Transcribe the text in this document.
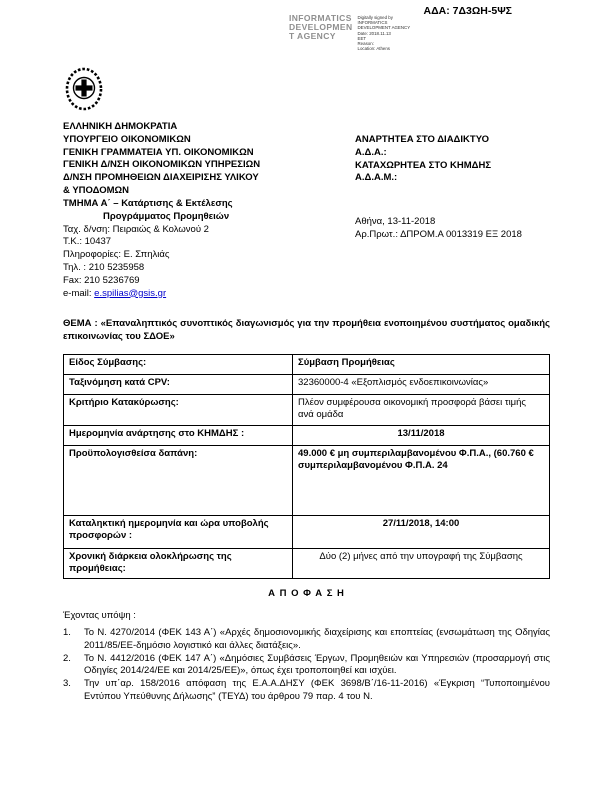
ΑΔΑ: 7Δ3ΩΗ-5ΨΣ
INFORMATICS
DEVELOPMEN
T AGENCY
Digitally signed by
INFORMATICS
DEVELOPMENT AGENCY
Date: 2018.11.13
EET
Reason:
Location: Athens
ΕΛΛΗΝΙΚΗ ΔΗΜΟΚΡΑΤΙΑ
ΥΠΟΥΡΓΕΙΟ ΟΙΚΟΝΟΜΙΚΩΝ
ΓΕΝΙΚΗ ΓΡΑΜΜΑΤΕΙΑ ΥΠ. ΟΙΚΟΝΟΜΙΚΩΝ
ΓΕΝΙΚΗ Δ/ΝΣΗ ΟΙΚΟΝΟΜΙΚΩΝ ΥΠΗΡΕΣΙΩΝ
Δ/ΝΣΗ ΠΡΟΜΗΘΕΙΩΝ ΔΙΑΧΕΙΡΙΣΗΣ ΥΛΙΚΟΥ
& ΥΠΟΔΟΜΩΝ
ΤΜΗΜΑ Α΄ – Κατάρτισης & Εκτέλεσης
Προγράμματος Προμηθειών
Ταχ. δ/νση: Πειραιώς & Κολωνού 2
Τ.Κ.: 10437
Πληροφορίες: Ε. Σπηλιάς
Τηλ. : 210 5235958
Fax: 210 5236769
e-mail: e.spilias@gsis.gr
ΑΝΑΡΤΗΤΕΑ ΣΤΟ ΔΙΑΔΙΚΤΥΟ
Α.Δ.Α.:
ΚΑΤΑΧΩΡΗΤΕΑ ΣΤΟ ΚΗΜΔΗΣ
Α.Δ.Α.Μ.:
Αθήνα, 13-11-2018
Αρ.Πρωτ.: ΔΠΡΟΜ.Α 0013319 ΕΞ 2018
ΘΕΜΑ : «Επαναληπτικός συνοπτικός διαγωνισμός για την προμήθεια ενοποιημένου συστήματος ομαδικής επικοινωνίας του ΣΔΟΕ»
Είδος Σύμβασης:	Σύμβαση Προμήθειας
Ταξινόμηση κατά CPV:	32360000-4 «Εξοπλισμός ενδοεπικοινωνίας»
Κριτήριο Κατακύρωσης:	Πλέον συμφέρουσα οικονομική προσφορά βάσει τιμής ανά ομάδα
Ημερομηνία ανάρτησης στο ΚΗΜΔΗΣ :	13/11/2018
Προϋπολογισθείσα δαπάνη:	49.000 € μη συμπεριλαμβανομένου Φ.Π.Α., (60.760 € συμπεριλαμβανομένου Φ.Π.Α. 24
Καταληκτική ημερομηνία και ώρα υποβολής προσφορών :	27/11/2018, 14:00
Χρονική διάρκεια ολοκλήρωσης της προμήθειας:	Δύο (2) μήνες από την υπογραφή της Σύμβασης
Α Π Ο Φ Α Σ Η
Έχοντας υπόψη :
1.	Το Ν. 4270/2014 (ΦΕΚ 143 Α΄) «Αρχές δημοσιονομικής διαχείρισης και εποπτείας (ενσωμάτωση της Οδηγίας 2011/85/ΕΕ-δημόσιο λογιστικό και άλλες διατάξεις».
2.	Το Ν. 4412/2016 (ΦΕΚ 147 Α΄) «Δημόσιες Συμβάσεις Έργων, Προμηθειών και Υπηρεσιών (προσαρμογή στις Οδηγίες 2014/24/ΕΕ και 2014/25/ΕΕ)», όπως έχει τροποποιηθεί και ισχύει.
3.	Την υπ΄αρ. 158/2016 απόφαση της Ε.Α.Α.ΔΗΣΥ (ΦΕΚ 3698/Β΄/16-11-2016) «Έγκριση “Τυποποιημένου Εντύπου Υπεύθυνης Δήλωσης” (ΤΕΥΔ) του άρθρου 79 παρ. 4 του Ν.
